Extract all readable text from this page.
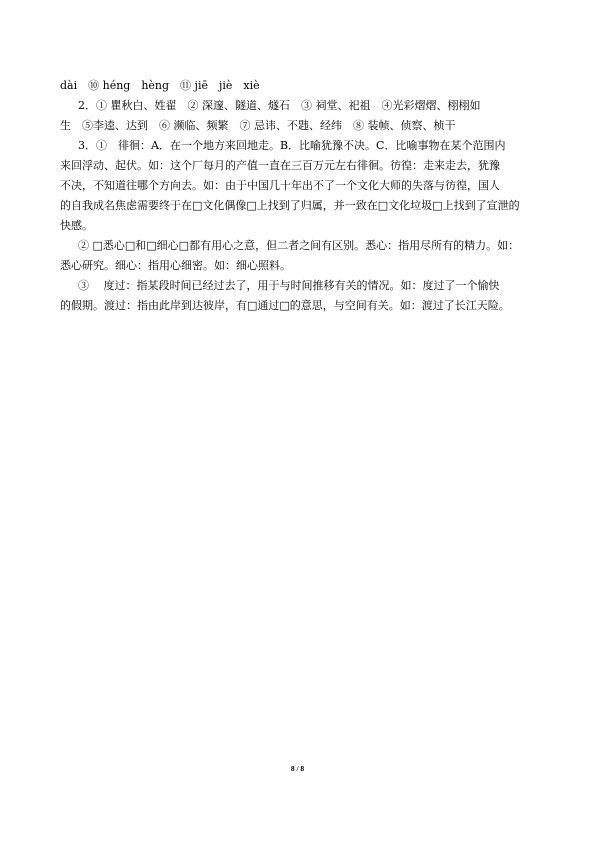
dài　⑩ héng　hèng　⑪ jiē　jiè　xiè
2．① 瞿秋白、姓翟　② 深邃、隧道、燧石　③ 祠堂、祀祖　④光彩熠熠、栩栩如
生　⑤李逵、达到　⑥ 濒临、频繁　⑦ 忌讳、不韪、经纬　⑧ 装帧、侦察、桢干
3．①　徘徊：A．在一个地方来回地走。B．比喻犹豫不决。C．比喻事物在某个范围内
来回浮动、起伏。如：这个厂每月的产值一直在三百万元左右徘徊。彷徨：走来走去，犹豫
不决，不知道往哪个方向去。如：由于中国几十年出不了一个文化大师的失落与彷徨，国人
的自我成名焦虑需要终于在□文化偶像□上找到了归属，并一致在□文化垃圾□上找到了宣泄的
快感。
② □悉心□和□细心□都有用心之意，但二者之间有区别。悉心：指用尽所有的精力。如：
悉心研究。细心：指用心细密。如：细心照料。
③　 度过：指某段时间已经过去了，用于与时间推移有关的情况。如：度过了一个愉快
的假期。渡过：指由此岸到达彼岸，有□通过□的意思，与空间有关。如：渡过了长江天险。
8 / 8
